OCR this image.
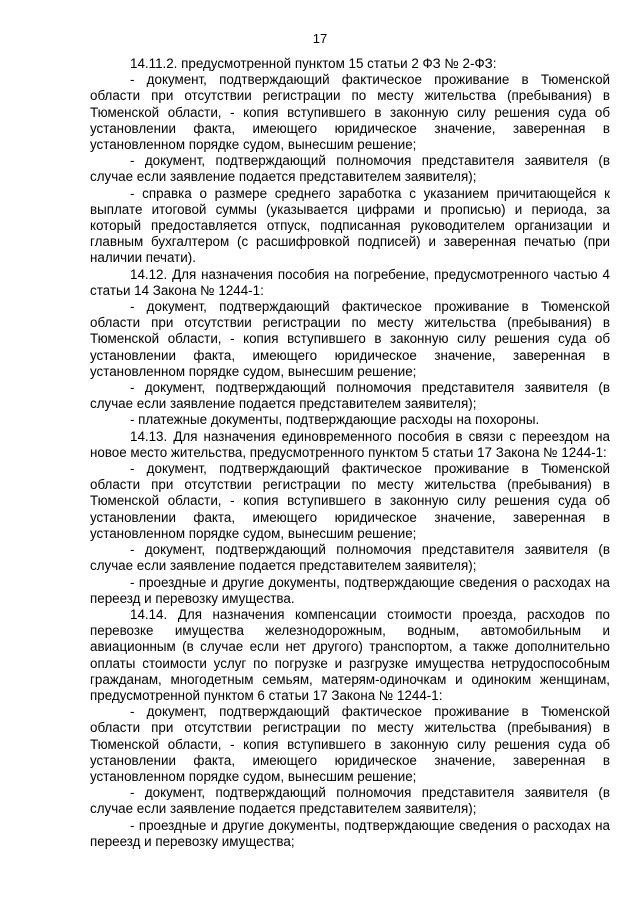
17

14.11.2. предусмотренной пунктом 15 статьи 2 ФЗ № 2-ФЗ:

- документ, подтверждающий фактическое проживание в Тюменской области при отсутствии регистрации по месту жительства (пребывания) в Тюменской области, - копия вступившего в законную силу решения суда об установлении факта, имеющего юридическое значение, заверенная в установленном порядке судом, вынесшим решение;

- документ, подтверждающий полномочия представителя заявителя (в случае если заявление подается представителем заявителя);

- справка о размере среднего заработка с указанием причитающейся к выплате итоговой суммы (указывается цифрами и прописью) и периода, за который предоставляется отпуск, подписанная руководителем организации и главным бухгалтером (с расшифровкой подписей) и заверенная печатью (при наличии печати).

14.12. Для назначения пособия на погребение, предусмотренного частью 4 статьи 14 Закона № 1244-1:

- документ, подтверждающий фактическое проживание в Тюменской области при отсутствии регистрации по месту жительства (пребывания) в Тюменской области, - копия вступившего в законную силу решения суда об установлении факта, имеющего юридическое значение, заверенная в установленном порядке судом, вынесшим решение;

- документ, подтверждающий полномочия представителя заявителя (в случае если заявление подается представителем заявителя);

- платежные документы, подтверждающие расходы на похороны.

14.13. Для назначения единовременного пособия в связи с переездом на новое место жительства, предусмотренного пунктом 5 статьи 17 Закона № 1244-1:

- документ, подтверждающий фактическое проживание в Тюменской области при отсутствии регистрации по месту жительства (пребывания) в Тюменской области, - копия вступившего в законную силу решения суда об установлении факта, имеющего юридическое значение, заверенная в установленном порядке судом, вынесшим решение;

- документ, подтверждающий полномочия представителя заявителя (в случае если заявление подается представителем заявителя);

- проездные и другие документы, подтверждающие сведения о расходах на переезд и перевозку имущества.

14.14. Для назначения компенсации стоимости проезда, расходов по перевозке имущества железнодорожным, водным, автомобильным и авиационным (в случае если нет другого) транспортом, а также дополнительно оплаты стоимости услуг по погрузке и разгрузке имущества нетрудоспособным гражданам, многодетным семьям, матерям-одиночкам и одиноким женщинам, предусмотренной пунктом 6 статьи 17 Закона № 1244-1:

- документ, подтверждающий фактическое проживание в Тюменской области при отсутствии регистрации по месту жительства (пребывания) в Тюменской области, - копия вступившего в законную силу решения суда об установлении факта, имеющего юридическое значение, заверенная в установленном порядке судом, вынесшим решение;

- документ, подтверждающий полномочия представителя заявителя (в случае если заявление подается представителем заявителя);

- проездные и другие документы, подтверждающие сведения о расходах на переезд и перевозку имущества;
